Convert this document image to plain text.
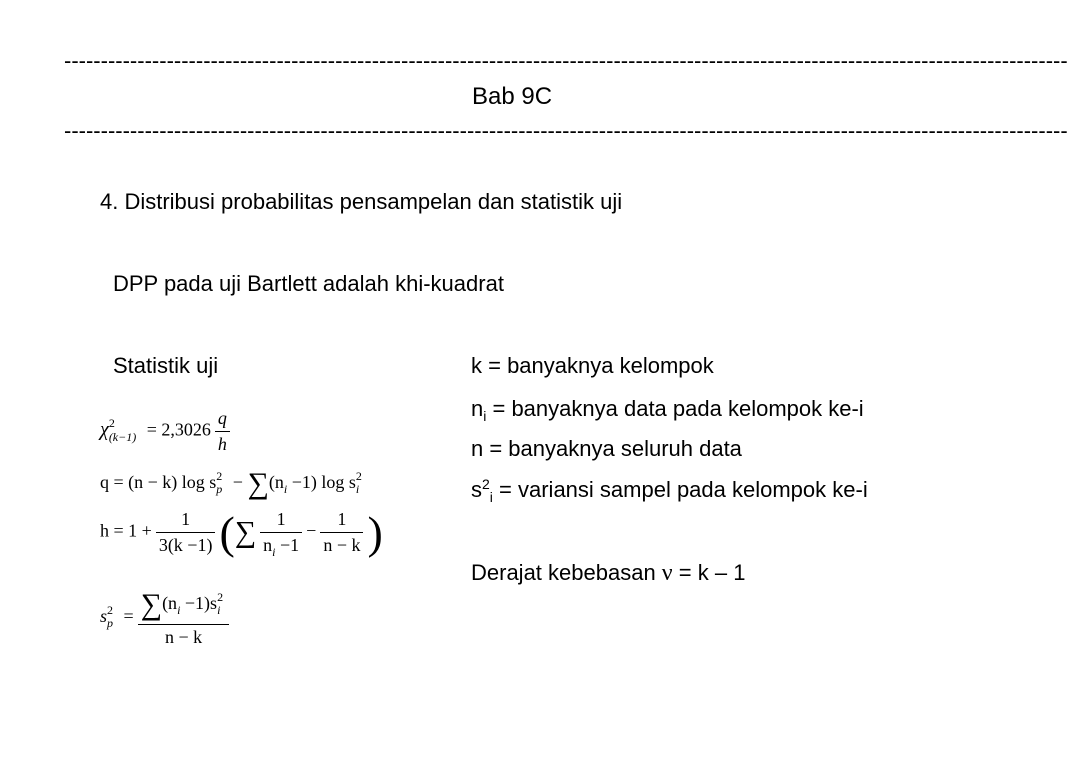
-----------------------------------------------------------------------------------------------------------------------------------------
Bab 9C
-----------------------------------------------------------------------------------------------------------------------------------------
4. Distribusi probabilitas pensampelan dan statistik uji
DPP pada uji Bartlett adalah khi-kuadrat
Statistik uji	k = banyaknya kelompok
$n_i$ = banyaknya data pada kelompok ke-i
n = banyaknya seluruh data
$s^2_i$ = variansi sampel pada kelompok ke-i
Derajat kebebasan ν = k – 1
$\chi^2_{(k-1)} = 2,3026 \frac{q}{h}$
q = (n − k) $\log s^2_p - \sum(n_i -1)$ $\log s^2_i$
$h = 1 + \frac{1}{3(k -1)}$ (∑ $\frac{1}{n_i -1} - \frac{1}{n - k}$ )
$s^2_p = \frac{\sum(n_i -1)s^2_i}{n - k}$
